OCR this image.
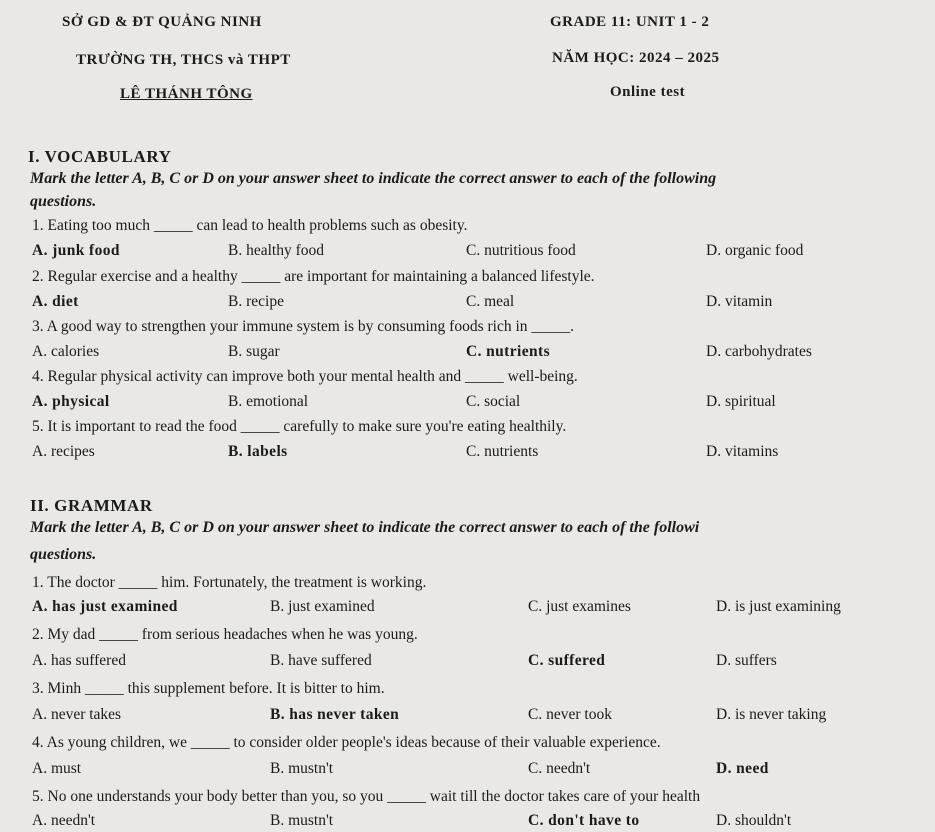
SỞ GD & ĐT QUẢNG NINH
TRƯỜNG TH, THCS và THPT
LÊ THÁNH TÔNG
GRADE 11: UNIT 1 - 2
NĂM HỌC: 2024 – 2025
Online test
I. VOCABULARY
Mark the letter A, B, C or D on your answer sheet to indicate the correct answer to each of the following
questions.
1. Eating too much _____ can lead to health problems such as obesity.
A. junk food	B. healthy food	C. nutritious food	D. organic food
2. Regular exercise and a healthy _____ are important for maintaining a balanced lifestyle.
A. diet	B. recipe	C. meal	D. vitamin
3. A good way to strengthen your immune system is by consuming foods rich in _____.
A. calories	B. sugar	C. nutrients	D. carbohydrates
4. Regular physical activity can improve both your mental health and _____ well-being.
A. physical	B. emotional	C. social	D. spiritual
5. It is important to read the food _____ carefully to make sure you're eating healthily.
A. recipes	B. labels	C. nutrients	D. vitamins
II. GRAMMAR
Mark the letter A, B, C or D on your answer sheet to indicate the correct answer to each of the followi
questions.
1. The doctor _____ him. Fortunately, the treatment is working.
A. has just examined	B. just examined	C. just examines	D. is just examining
2. My dad _____ from serious headaches when he was young.
A. has suffered	B. have suffered	C. suffered	D. suffers
3. Minh _____ this supplement before. It is bitter to him.
A. never takes	B. has never taken	C. never took	D. is never taking
4. As young children, we _____ to consider older people's ideas because of their valuable experience.
A. must	B. mustn't	C. needn't	D. need
5. No one understands your body better than you, so you _____ wait till the doctor takes care of your health
A. needn't	B. mustn't	C. don't have to	D. shouldn't
